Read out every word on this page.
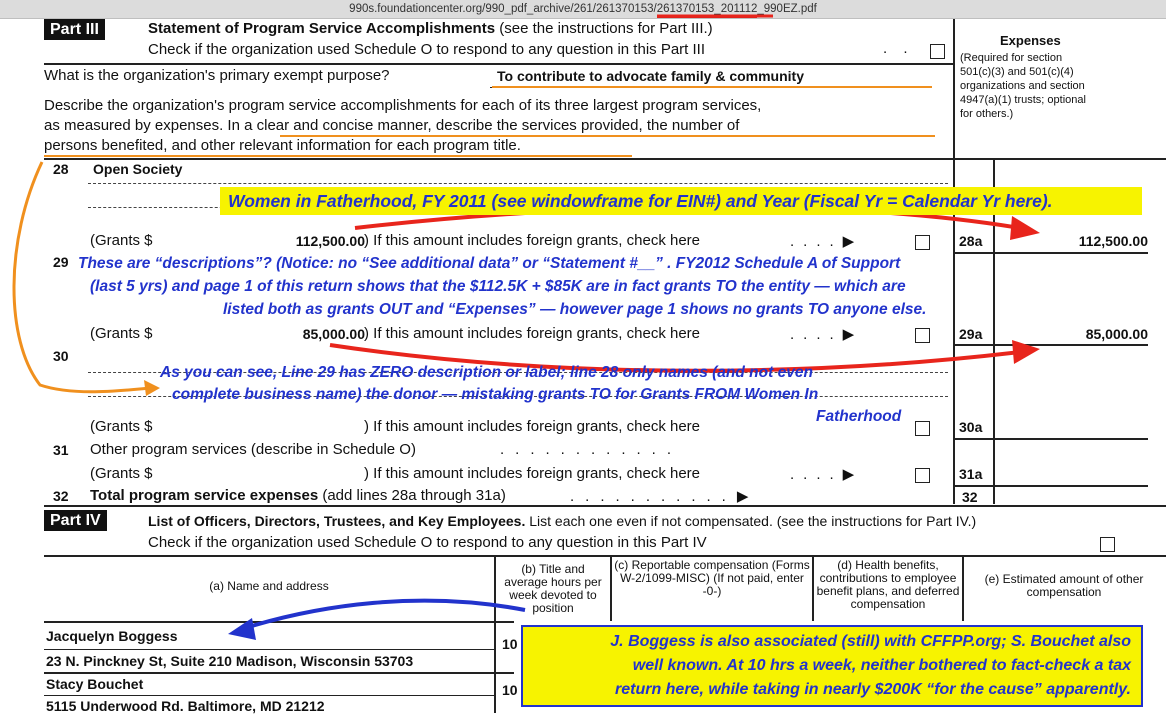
990s.foundationcenter.org/990_pdf_archive/261/261370153/261370153_201112_990EZ.pdf
Part III	Statement of Program Service Accomplishments (see the instructions for Part III.)
Check if the organization used Schedule O to respond to any question in this Part III	. .	Expenses
(Required for section
501(c)(3) and 501(c)(4)
organizations and section
4947(a)(1) trusts; optional
for others.)
What is the organization's primary exempt purpose?	To contribute to advocate family & community
Describe the organization's program service accomplishments for each of its three largest program services,
as measured by expenses. In a clear and concise manner, describe the services provided, the number of
persons benefited, and other relevant information for each program title.
28 Open Society
(Grants $	112,500.00 ) If this amount includes foreign grants, check here	....▶	28a	112,500.00
29
(Grants $	85,000.00 ) If this amount includes foreign grants, check here	....▶	29a	85,000.00
30
(Grants $	) If this amount includes foreign grants, check here	30a
31 Other program services (describe in Schedule O)	............
(Grants $	) If this amount includes foreign grants, check here	....▶	31a
32 Total program service expenses (add lines 28a through 31a)	...........▶	32
Part IV	List of Officers, Directors, Trustees, and Key Employees. List each one even if not compensated. (see the instructions for Part IV.)
Check if the organization used Schedule O to respond to any question in this Part IV
(a) Name and address
(b) Title and average hours per week devoted to position
(c) Reportable compensation (Forms W-2/1099-MISC) (If not paid, enter -0-)
(d) Health benefits, contributions to employee benefit plans, and deferred compensation
(e) Estimated amount of other compensation
Jacquelyn Boggess	10
23 N. Pinckney St, Suite 210 Madison, Wisconsin 53703
Stacy Bouchet	10
5115 Underwood Rd. Baltimore, MD 21212
Women in Fatherhood, FY 2011 (see windowframe for EIN#) and Year (Fiscal Yr = Calendar Yr here).
These are “descriptions”? (Notice: no “See additional data” or “Statement #__” . FY2012 Schedule A of Support
(last 5 yrs) and page 1 of this return shows that the $112.5K + $85K are in fact grants TO the entity — which are
listed both as grants OUT and “Expenses” — however page 1 shows no grants TO anyone else.
As you can see, Line 29 has ZERO description or label; line 28 only names (and not even
complete business name) the donor — mistaking grants TO for Grants FROM Women In
Fatherhood
J. Boggess is also associated (still) with CFFPP.org; S. Bouchet also
well known. At 10 hrs a week, neither bothered to fact-check a tax
return here, while taking in nearly $200K “for the cause” apparently.
